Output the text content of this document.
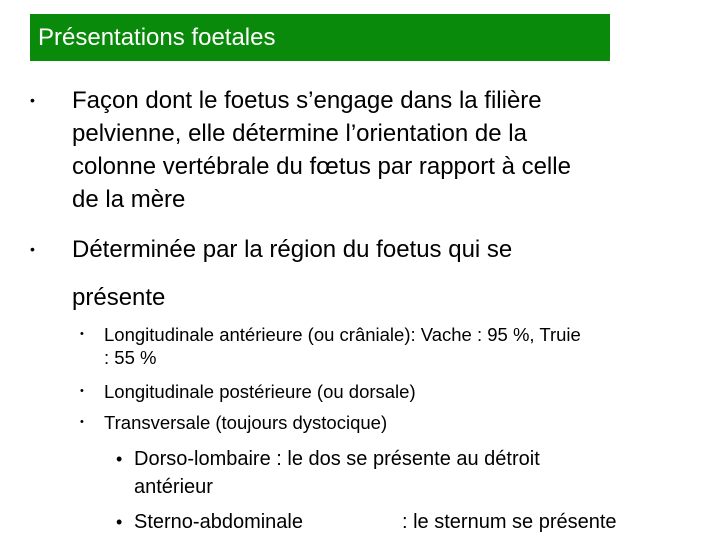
Présentations foetales
• Façon dont le foetus s’engage dans la filière
pelvienne, elle détermine l’orientation de la
colonne vertébrale du fœtus par rapport à celle
de la mère
• Déterminée par la région du foetus qui se
présente
• Longitudinale antérieure (ou crâniale): Vache : 95 %, Truie
: 55 %
• Longitudinale postérieure (ou dorsale)
• Transversale (toujours dystocique)
• Dorso-lombaire : le dos se présente au détroit
antérieur
• Sterno-abdominale	: le sternum se présente
